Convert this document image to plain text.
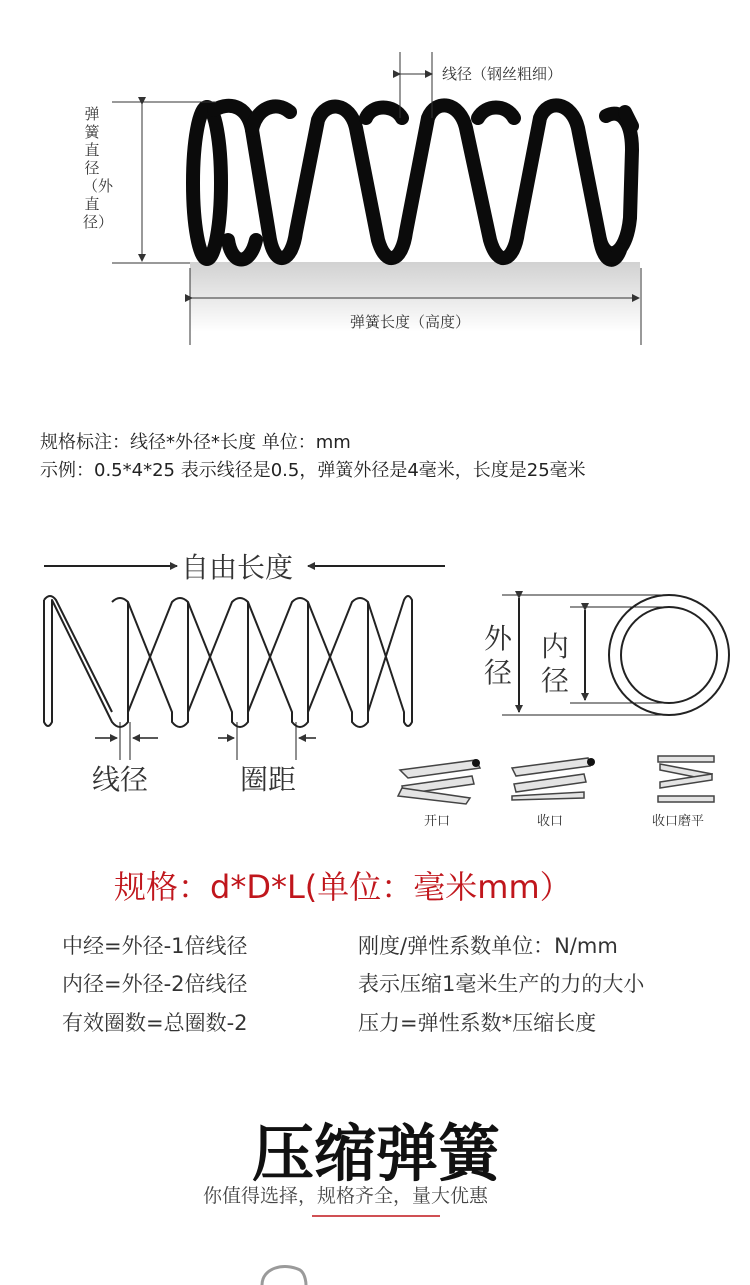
线径（钢丝粗细）
弹簧直径（外直径）
弹簧长度（高度）
规格标注：线径*外径*长度 单位：mm
示例：0.5*4*25 表示线径是0.5，弹簧外径是4毫米，长度是25毫米
自由长度
线径	圈距
外径
内径
开口	收口	收口磨平
规格：d*D*L(单位：毫米mm）
中经=外径-1倍线径
内径=外径-2倍线径
有效圈数=总圈数-2
刚度/弹性系数单位：N/mm
表示压缩1毫米生产的力的大小
压力=弹性系数*压缩长度
压缩弹簧
你值得选择，规格齐全，量大优惠
